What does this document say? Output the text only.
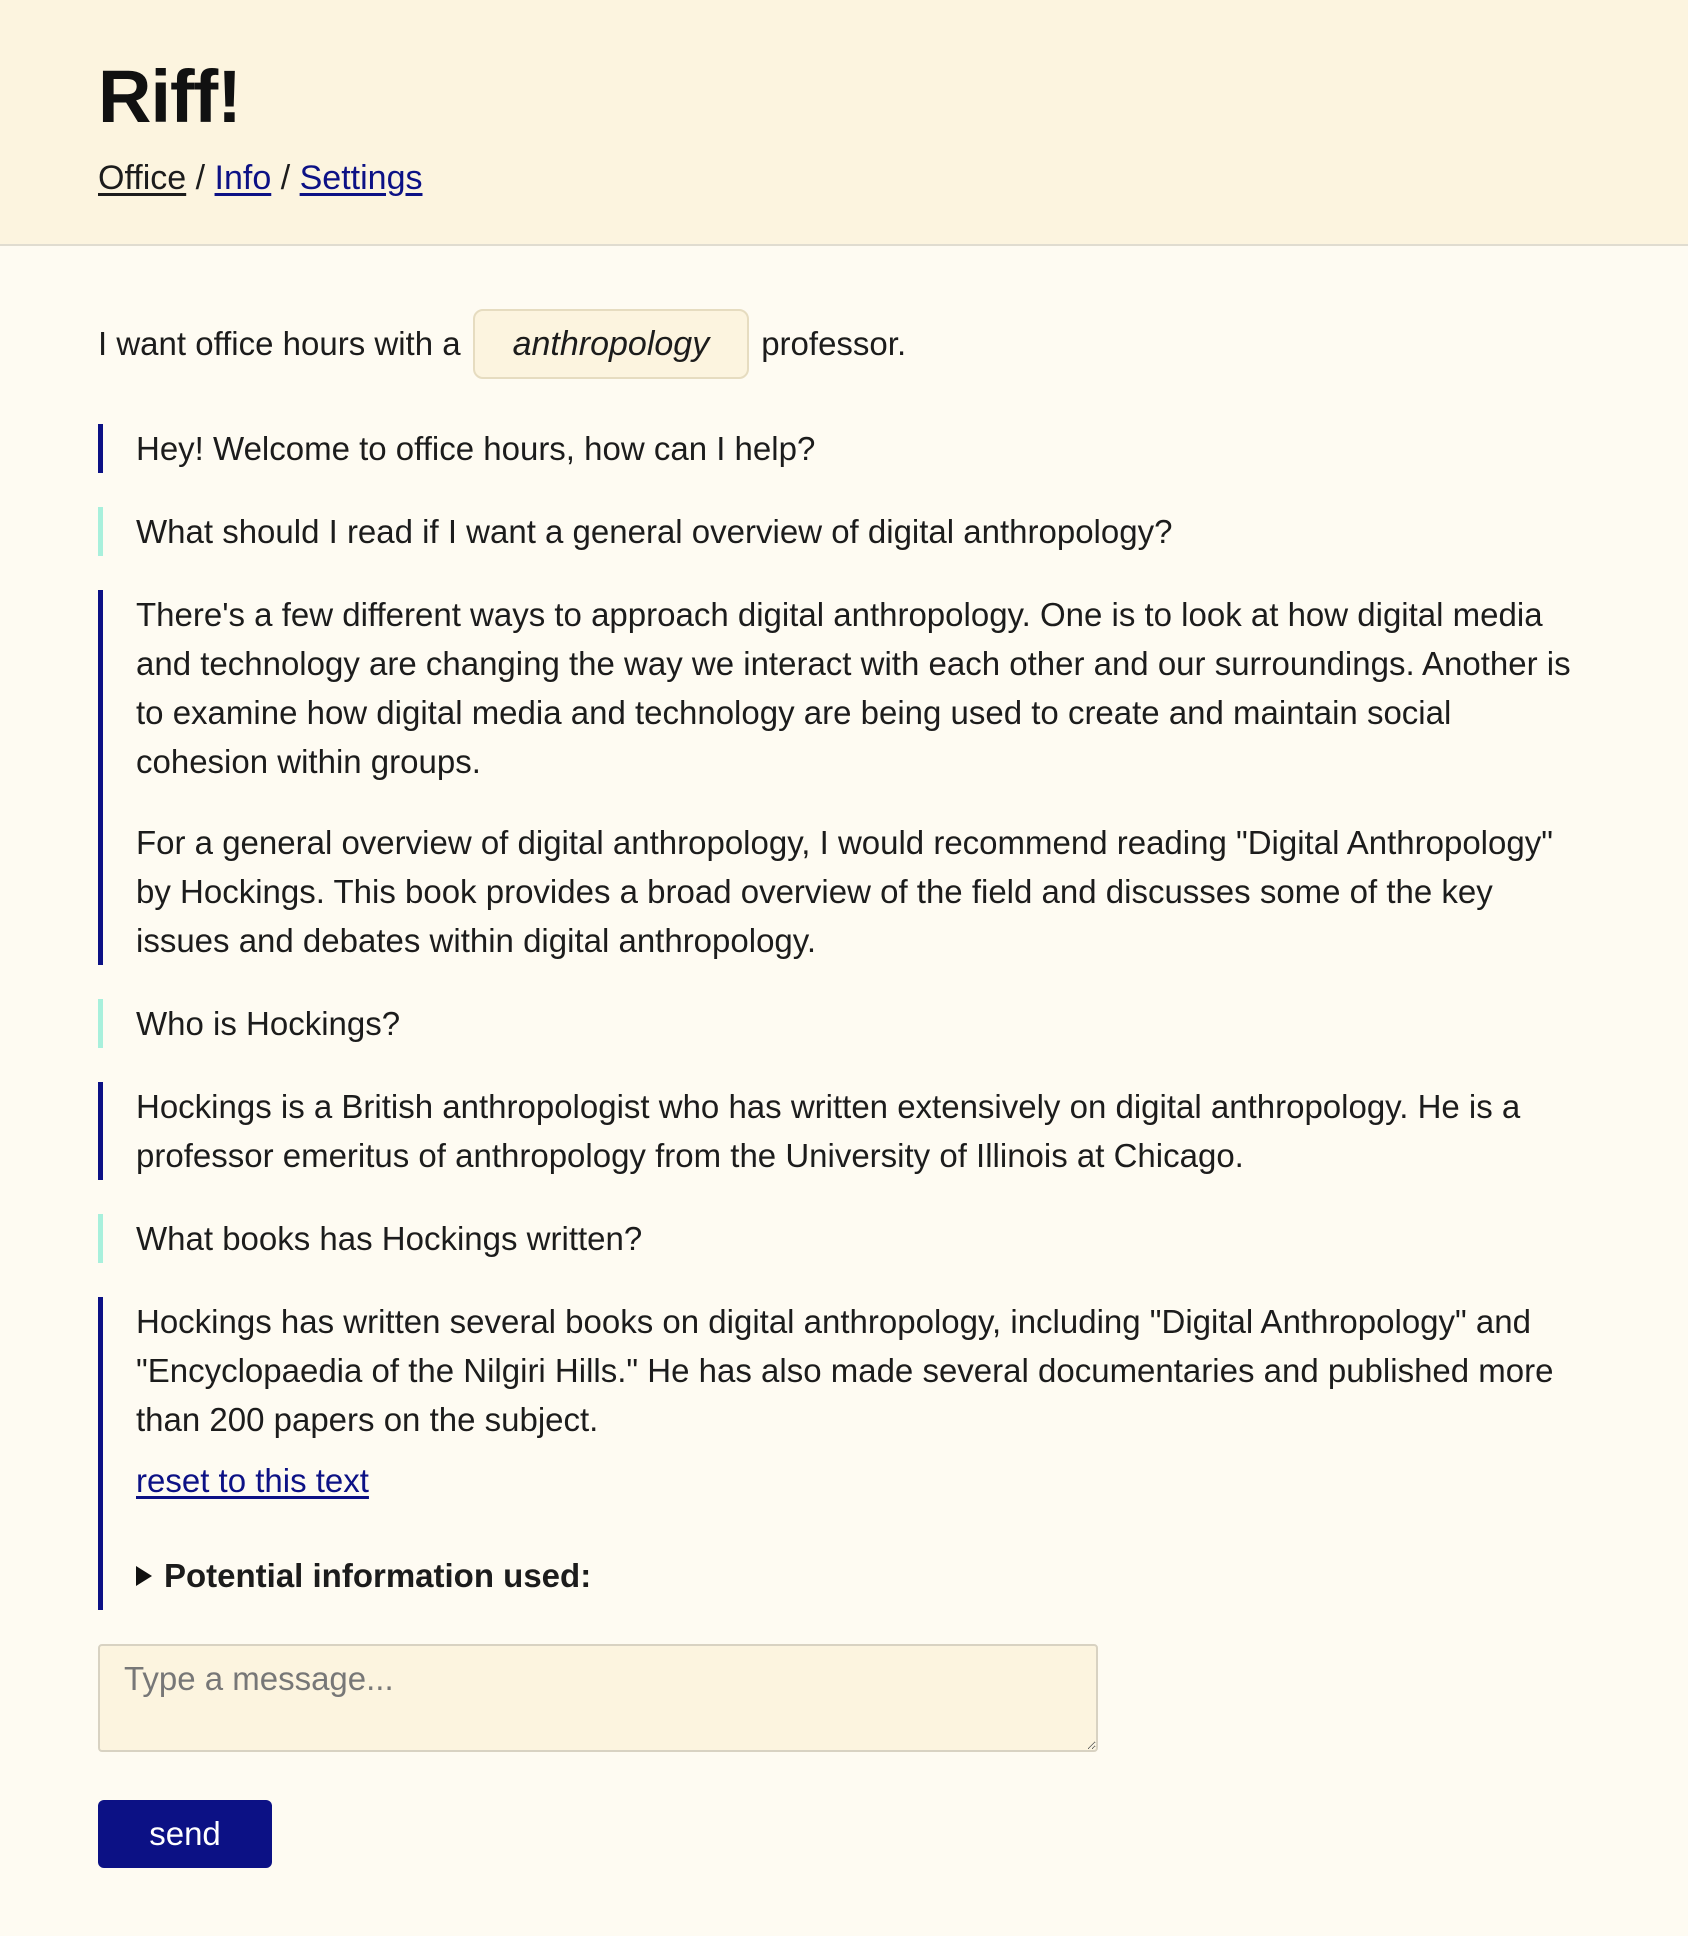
Riff!
Office / Info / Settings
I want office hours with a	anthropology	professor.

Hey! Welcome to office hours, how can I help?

What should I read if I want a general overview of digital anthropology?

There's a few different ways to approach digital anthropology. One is to look at how digital media and technology are changing the way we interact with each other and our surroundings. Another is to examine how digital media and technology are being used to create and maintain social cohesion within groups.

For a general overview of digital anthropology, I would recommend reading "Digital Anthropology" by Hockings. This book provides a broad overview of the field and discusses some of the key issues and debates within digital anthropology.

Who is Hockings?

Hockings is a British anthropologist who has written extensively on digital anthropology. He is a professor emeritus of anthropology from the University of Illinois at Chicago.

What books has Hockings written?

Hockings has written several books on digital anthropology, including "Digital Anthropology" and "Encyclopaedia of the Nilgiri Hills." He has also made several documentaries and published more than 200 papers on the subject.

reset to this text
Potential information used:
Type a message... send
